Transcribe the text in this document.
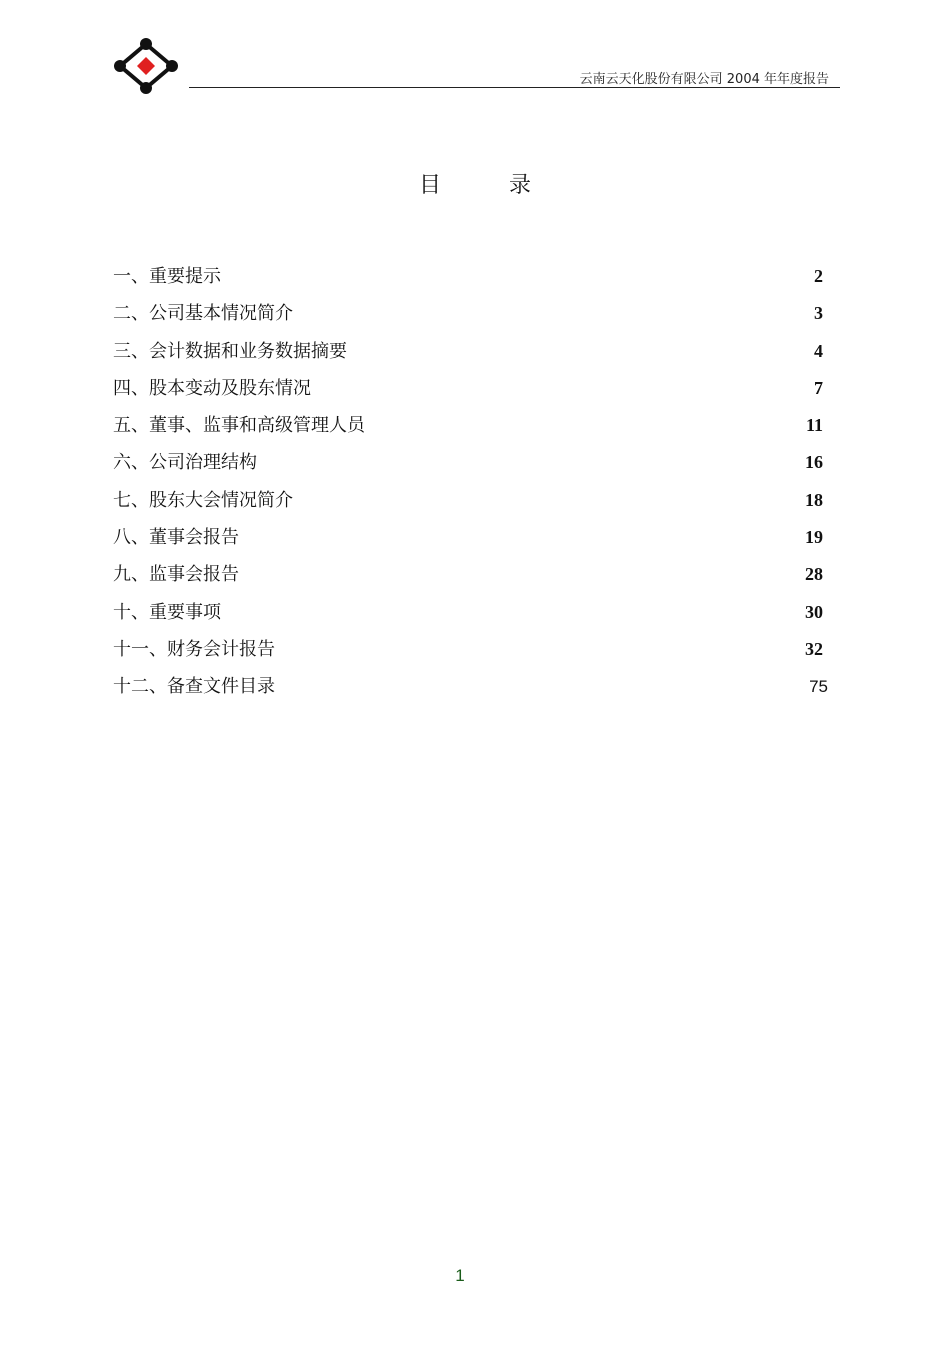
云南云天化股份有限公司 2004 年年度报告
目	录
一、重要提示	2
二、公司基本情况简介	3
三、会计数据和业务数据摘要	4
四、股本变动及股东情况	7
五、董事、监事和高级管理人员	11
六、公司治理结构	16
七、股东大会情况简介	18
八、董事会报告	19
九、监事会报告	28
十、重要事项	30
十一、财务会计报告	32
十二、备查文件目录	75
1
